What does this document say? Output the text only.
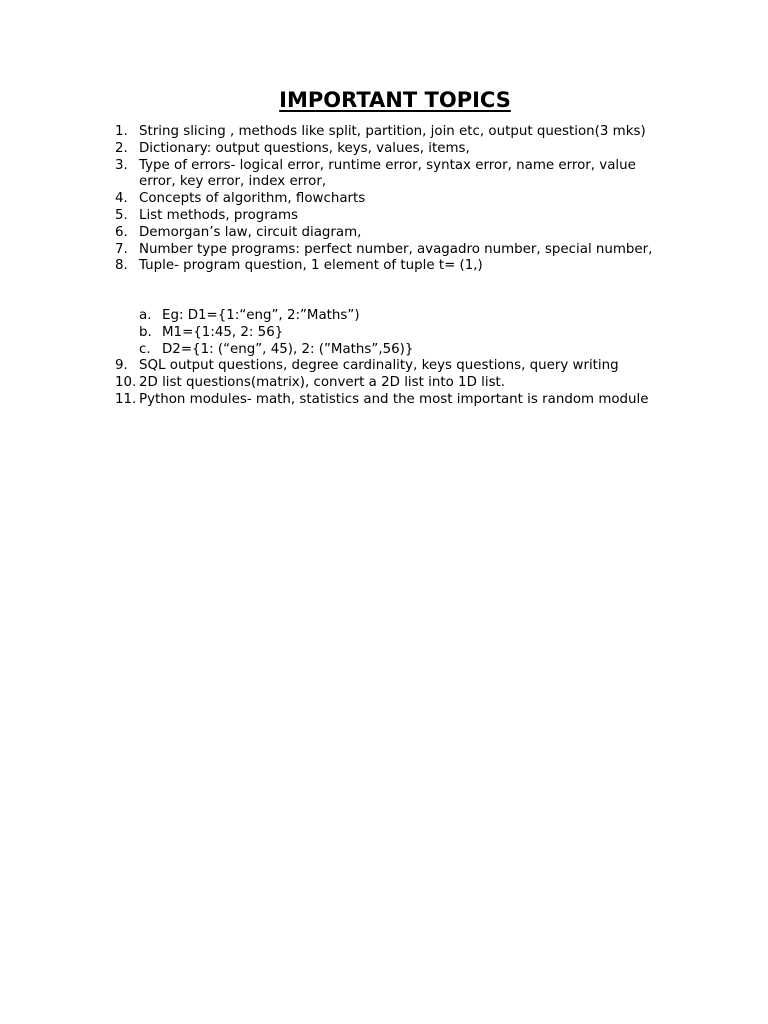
IMPORTANT TOPICS
1. String slicing , methods like split, partition, join etc, output question(3 mks)
2. Dictionary: output questions, keys, values, items,
3. Type of errors- logical error, runtime error, syntax error, name error, value error, key error, index error,
4. Concepts of algorithm, flowcharts
5. List methods, programs
6. Demorgan’s law, circuit diagram,
7. Number type programs: perfect number, avagadro number, special number,
8. Tuple- program question, 1 element of tuple t= (1,)
a. Eg: D1={1:“eng”, 2:”Maths”)
b. M1={1:45, 2: 56}
c. D2={1: (“eng”, 45), 2: (”Maths”,56)}
9. SQL output questions, degree cardinality, keys questions, query writing
10. 2D list questions(matrix), convert a 2D list into 1D list.
11. Python modules- math, statistics and the most important is random module
